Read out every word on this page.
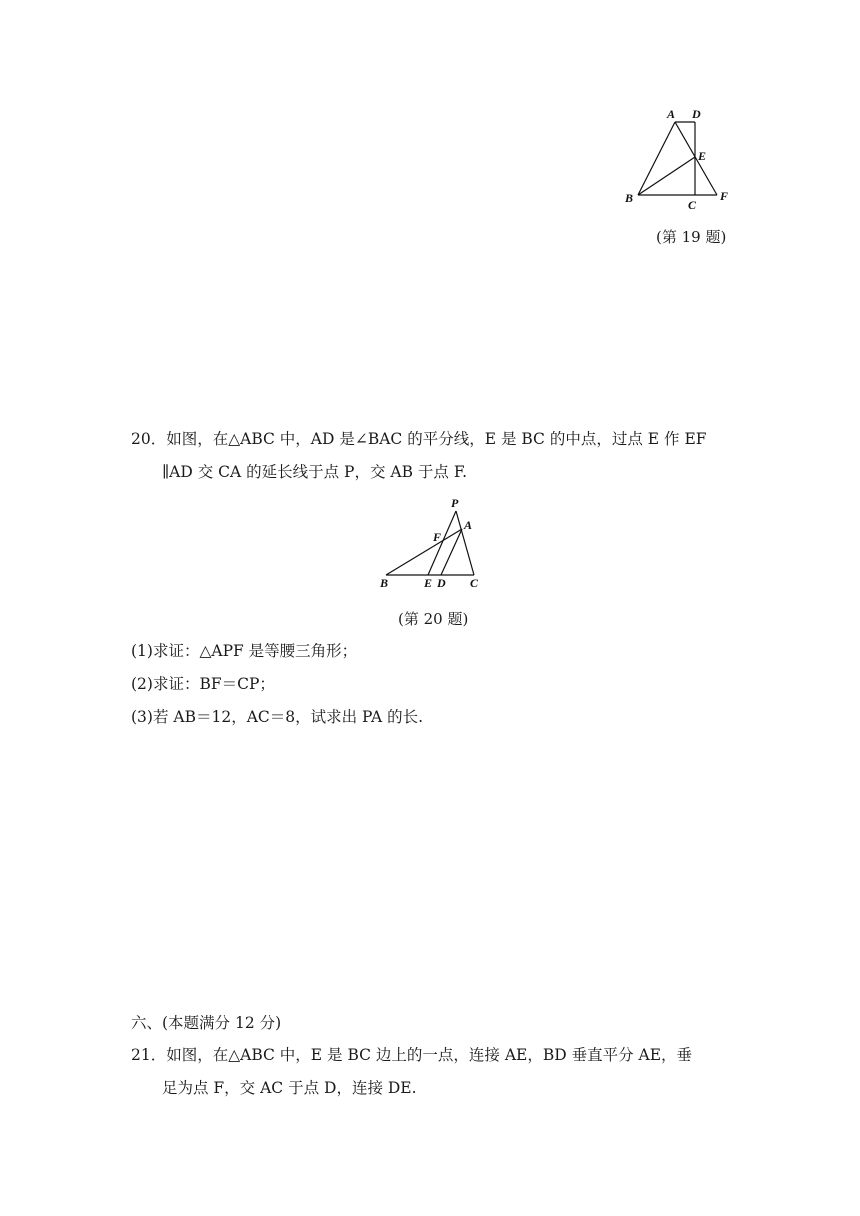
A D
E
B	C
F
(第 19 题)
20．如图，在△ABC 中，AD 是∠BAC 的平分线，E 是 BC 的中点，过点 E 作 EF
∥AD 交 CA 的延长线于点 P，交 AB 于点 F.
P
A
F
B	E D C
(第 20 题)
(1)求证：△APF 是等腰三角形；
(2)求证：BF＝CP；
(3)若 AB＝12，AC＝8，试求出 PA 的长.
六、(本题满分 12 分)
21．如图，在△ABC 中，E 是 BC 边上的一点，连接 AE，BD 垂直平分 AE，垂
足为点 F，交 AC 于点 D，连接 DE.
